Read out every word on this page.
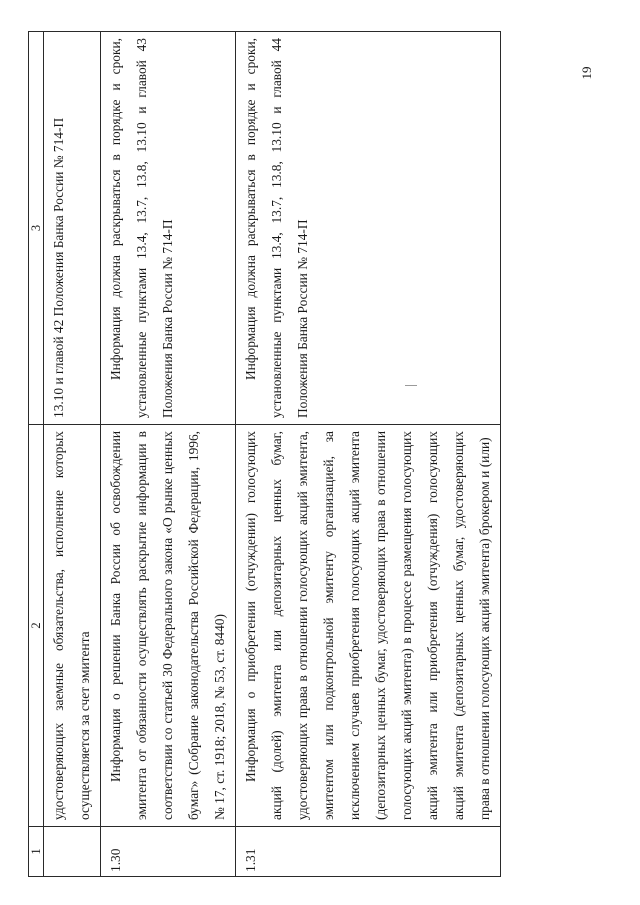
1	2	3
	удостоверяющих заемные обязательства, исполнение которых осуществляется за счет эмитента	13.10 и главой 42 Положения Банка России № 714-П
1.30	Информация о решении Банка России об освобождении эмитента от обязанности осуществлять раскрытие информации в соответствии со статьей 30 Федерального закона «О рынке ценных бумаг» (Собрание законодательства Российской Федерации, 1996, № 17, ст. 1918; 2018, № 53, ст. 8440)	Информация должна раскрываться в порядке и сроки, установленные пунктами 13.4, 13.7, 13.8, 13.10 и главой 43 Положения Банка России № 714-П
1.31	Информация о приобретении (отчуждении) голосующих акций (долей) эмитента или депозитарных ценных бумаг, удостоверяющих права в отношении голосующих акций эмитента, эмитентом или подконтрольной эмитенту организацией, за исключением случаев приобретения голосующих акций эмитента (депозитарных ценных бумаг, удостоверяющих права в отношении голосующих акций эмитента) в процессе размещения голосующих акций эмитента или приобретения (отчуждения) голосующих акций эмитента (депозитарных ценных бумаг, удостоверяющих права в отношении голосующих акций эмитента) брокером и (или)	Информация должна раскрываться в порядке и сроки, установленные пунктами 13.4, 13.7, 13.8, 13.10 и главой 44 Положения Банка России № 714-П
19
